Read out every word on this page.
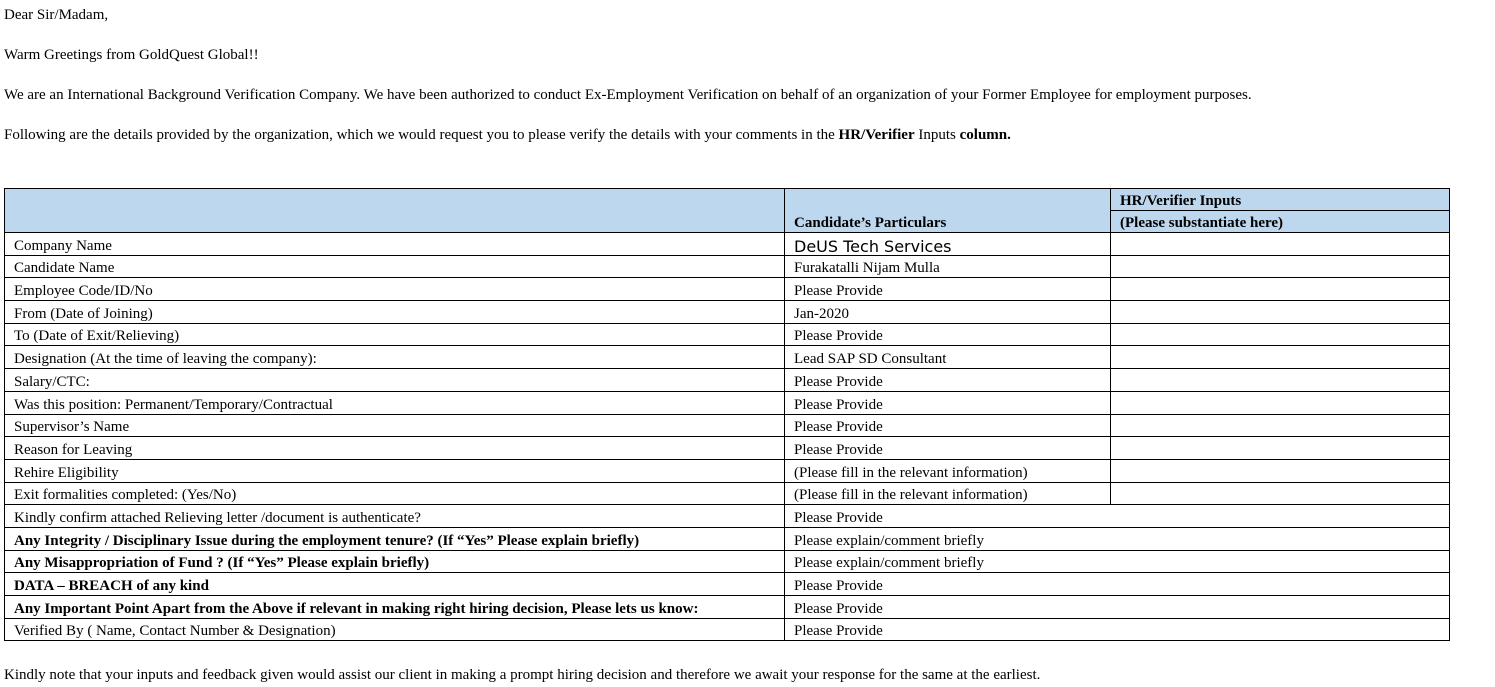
Dear Sir/Madam,

Warm Greetings from GoldQuest Global!!

We are an International Background Verification Company. We have been authorized to conduct Ex-Employment Verification on behalf of an organization of your Former Employee for employment purposes.

Following are the details provided by the organization, which we would request you to please verify the details with your comments in the HR/Verifier Inputs column.

	Candidate’s Particulars	HR/Verifier Inputs
		(Please substantiate here)
Company Name	DeUS Tech Services	
Candidate Name	Furakatalli Nijam Mulla	
Employee Code/ID/No	Please Provide	
From (Date of Joining)	Jan-2020	
To (Date of Exit/Relieving)	Please Provide	
Designation (At the time of leaving the company):	Lead SAP SD Consultant	
Salary/CTC:	Please Provide	
Was this position: Permanent/Temporary/Contractual	Please Provide	
Supervisor’s Name	Please Provide	
Reason for Leaving	Please Provide	
Rehire Eligibility	(Please fill in the relevant information)	
Exit formalities completed: (Yes/No)	(Please fill in the relevant information)	
Kindly confirm attached Relieving letter /document is authenticate?	Please Provide	
Any Integrity / Disciplinary Issue during the employment tenure? (If “Yes” Please explain briefly)	Please explain/comment briefly	
Any Misappropriation of Fund ? (If “Yes” Please explain briefly)	Please explain/comment briefly	
DATA – BREACH of any kind	Please Provide	
Any Important Point Apart from the Above if relevant in making right hiring decision, Please lets us know:	Please Provide	
Verified By ( Name, Contact Number & Designation)	Please Provide	

Kindly note that your inputs and feedback given would assist our client in making a prompt hiring decision and therefore we await your response for the same at the earliest.
